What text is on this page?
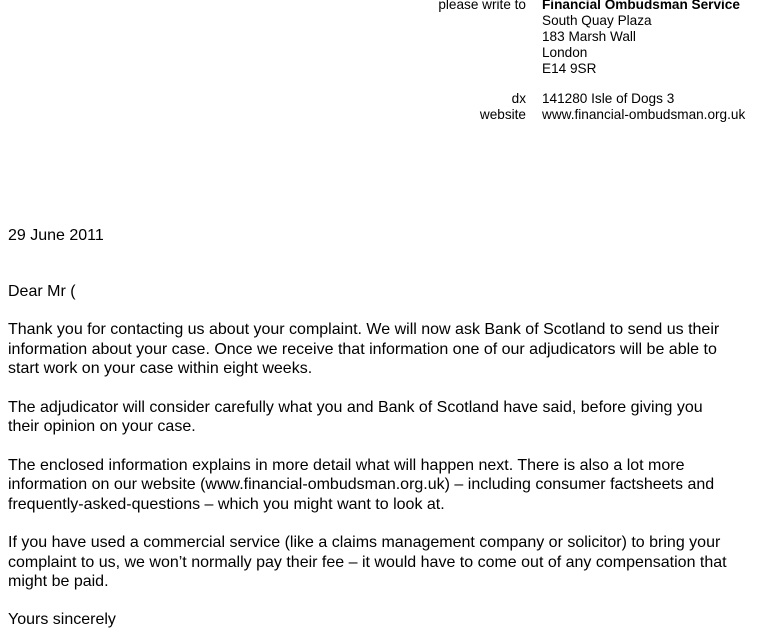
please write to	Financial Ombudsman Service
South Quay Plaza
183 Marsh Wall
London
E14 9SR
dx	141280 Isle of Dogs 3
website	www.financial-ombudsman.org.uk
29 June 2011
Dear Mr (

Thank you for contacting us about your complaint. We will now ask Bank of Scotland to send us their information about your case. Once we receive that information one of our adjudicators will be able to start work on your case within eight weeks.

The adjudicator will consider carefully what you and Bank of Scotland have said, before giving you their opinion on your case.

The enclosed information explains in more detail what will happen next. There is also a lot more information on our website (www.financial-ombudsman.org.uk) – including consumer factsheets and frequently-asked-questions – which you might want to look at.

If you have used a commercial service (like a claims management company or solicitor) to bring your complaint to us, we won’t normally pay their fee – it would have to come out of any compensation that might be paid.

Yours sincerely
